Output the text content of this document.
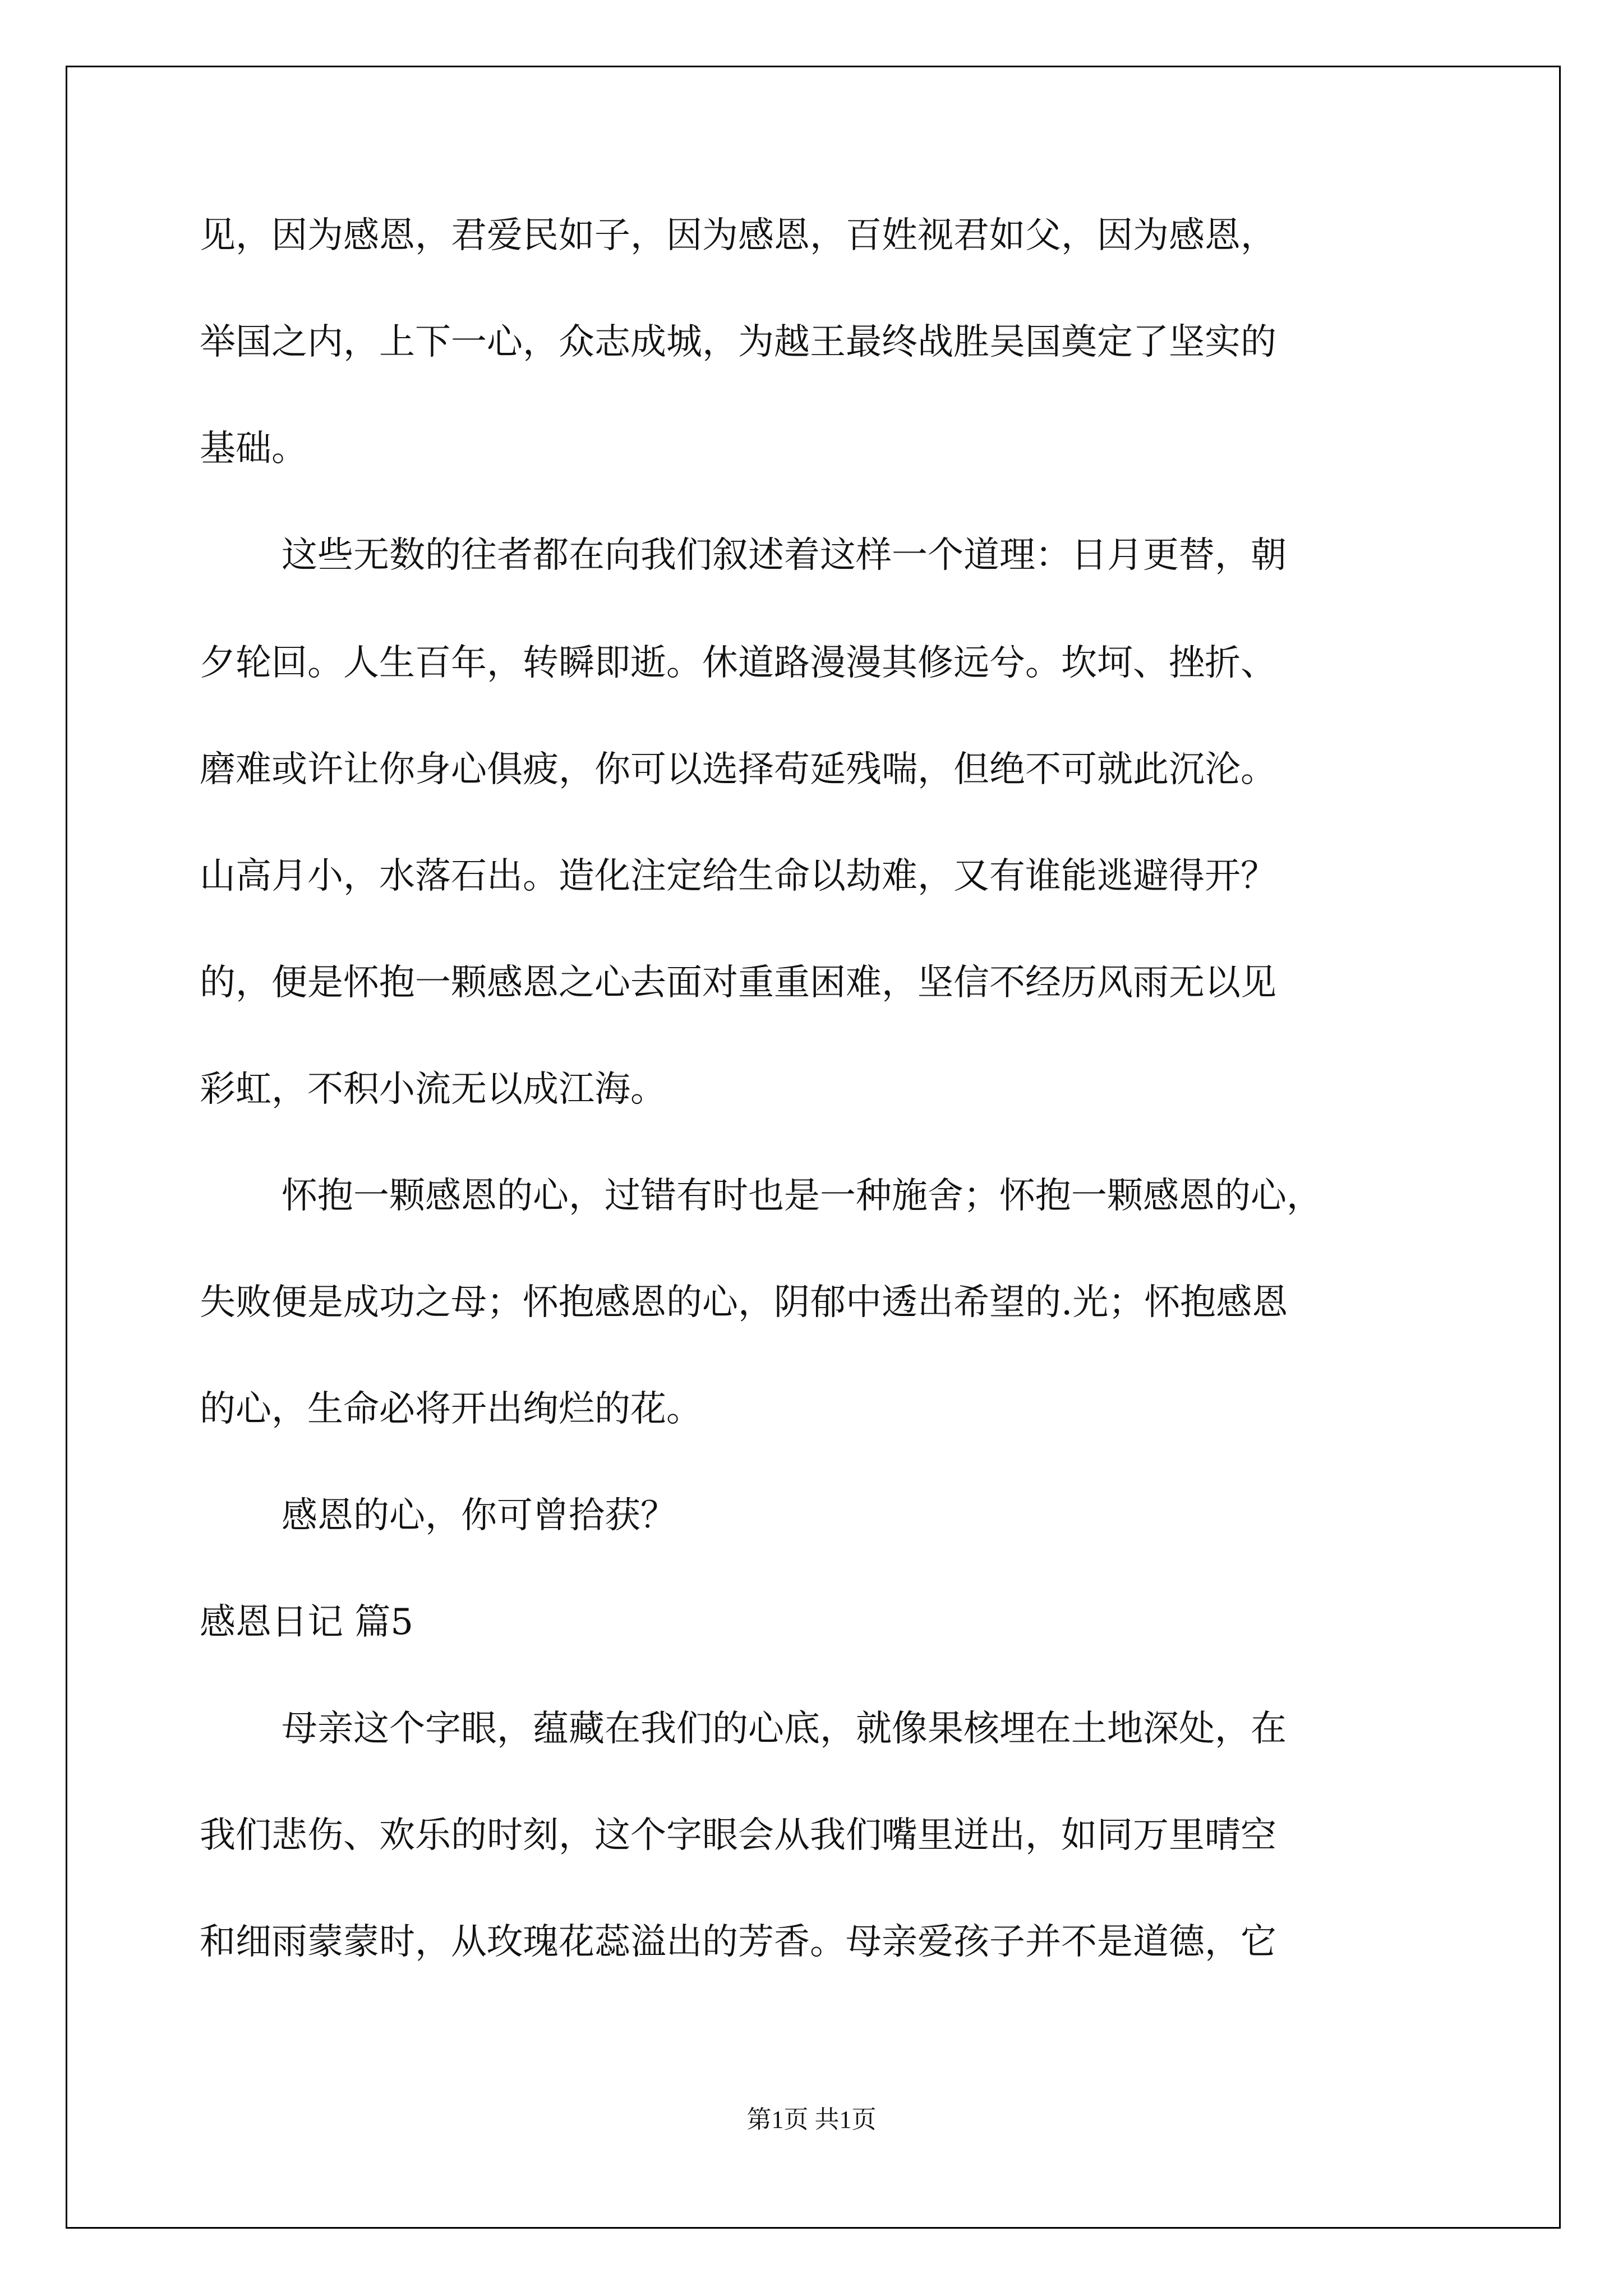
见，因为感恩，君爱民如子，因为感恩，百姓视君如父，因为感恩，
举国之内，上下一心，众志成城，为越王最终战胜吴国奠定了坚实的
基础。
这些无数的往者都在向我们叙述着这样一个道理：日月更替，朝
夕轮回。人生百年，转瞬即逝。休道路漫漫其修远兮。坎坷、挫折、
磨难或许让你身心俱疲，你可以选择苟延残喘，但绝不可就此沉沦。
山高月小，水落石出。造化注定给生命以劫难，又有谁能逃避得开？
的，便是怀抱一颗感恩之心去面对重重困难，坚信不经历风雨无以见
彩虹，不积小流无以成江海。
怀抱一颗感恩的心，过错有时也是一种施舍；怀抱一颗感恩的心，
失败便是成功之母；怀抱感恩的心，阴郁中透出希望的.光；怀抱感恩
的心，生命必将开出绚烂的花。
感恩的心，你可曾拾获？
感恩日记 篇5
母亲这个字眼，蕴藏在我们的心底，就像果核埋在土地深处，在
我们悲伤、欢乐的时刻，这个字眼会从我们嘴里迸出，如同万里晴空
和细雨蒙蒙时，从玫瑰花蕊溢出的芳香。母亲爱孩子并不是道德，它
第1页 共1页
